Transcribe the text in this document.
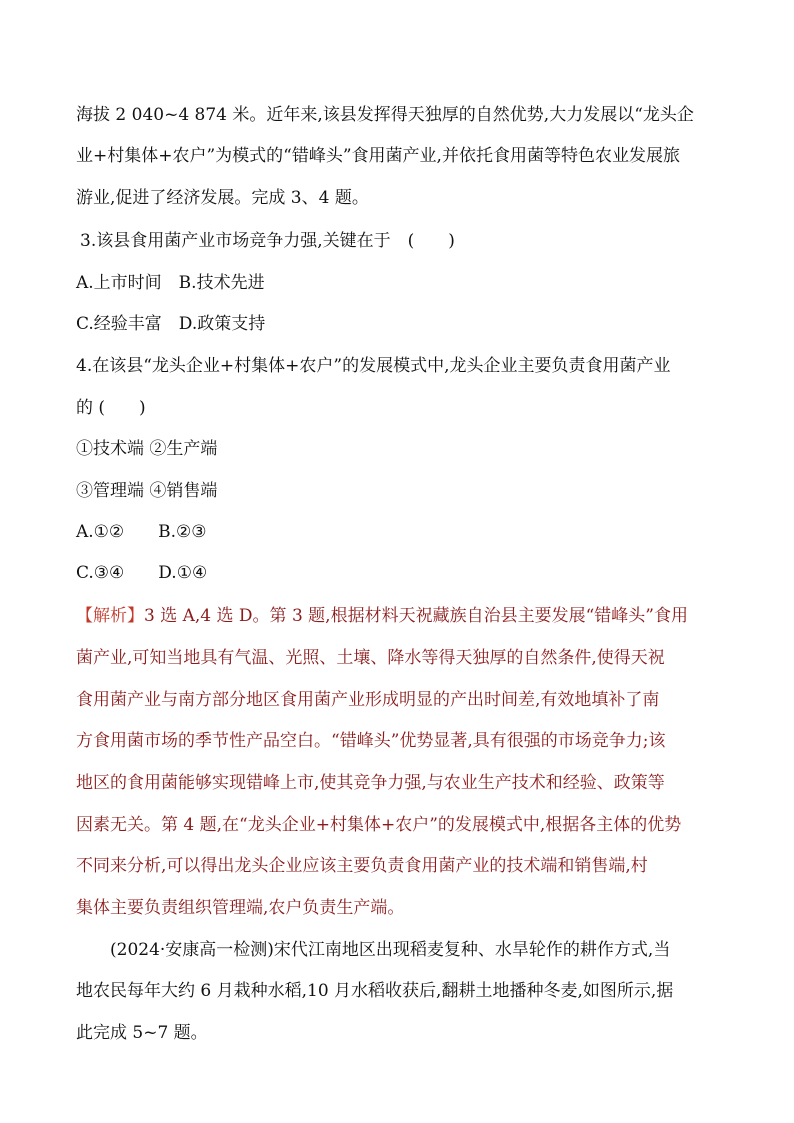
海拔 2 040~4 874 米。近年来,该县发挥得天独厚的自然优势,大力发展以“龙头企
业+村集体+农户”为模式的“错峰头”食用菌产业,并依托食用菌等特色农业发展旅
游业,促进了经济发展。完成 3、4 题。
3.该县食用菌产业市场竞争力强,关键在于　(　　)
A.上市时间　B.技术先进
C.经验丰富　D.政策支持
4.在该县“龙头企业+村集体+农户”的发展模式中,龙头企业主要负责食用菌产业
的 (　　)
①技术端 ②生产端
③管理端 ④销售端
A.①②　　B.②③
C.③④　　D.①④
【解析】3 选 A,4 选 D。第 3 题,根据材料天祝藏族自治县主要发展“错峰头”食用
菌产业,可知当地具有气温、光照、土壤、降水等得天独厚的自然条件,使得天祝
食用菌产业与南方部分地区食用菌产业形成明显的产出时间差,有效地填补了南
方食用菌市场的季节性产品空白。“错峰头”优势显著,具有很强的市场竞争力;该
地区的食用菌能够实现错峰上市,使其竞争力强,与农业生产技术和经验、政策等
因素无关。第 4 题,在“龙头企业+村集体+农户”的发展模式中,根据各主体的优势
不同来分析,可以得出龙头企业应该主要负责食用菌产业的技术端和销售端,村
集体主要负责组织管理端,农户负责生产端。
(2024·安康高一检测)宋代江南地区出现稻麦复种、水旱轮作的耕作方式,当
地农民每年大约 6 月栽种水稻,10 月水稻收获后,翻耕土地播种冬麦,如图所示,据
此完成 5~7 题。
